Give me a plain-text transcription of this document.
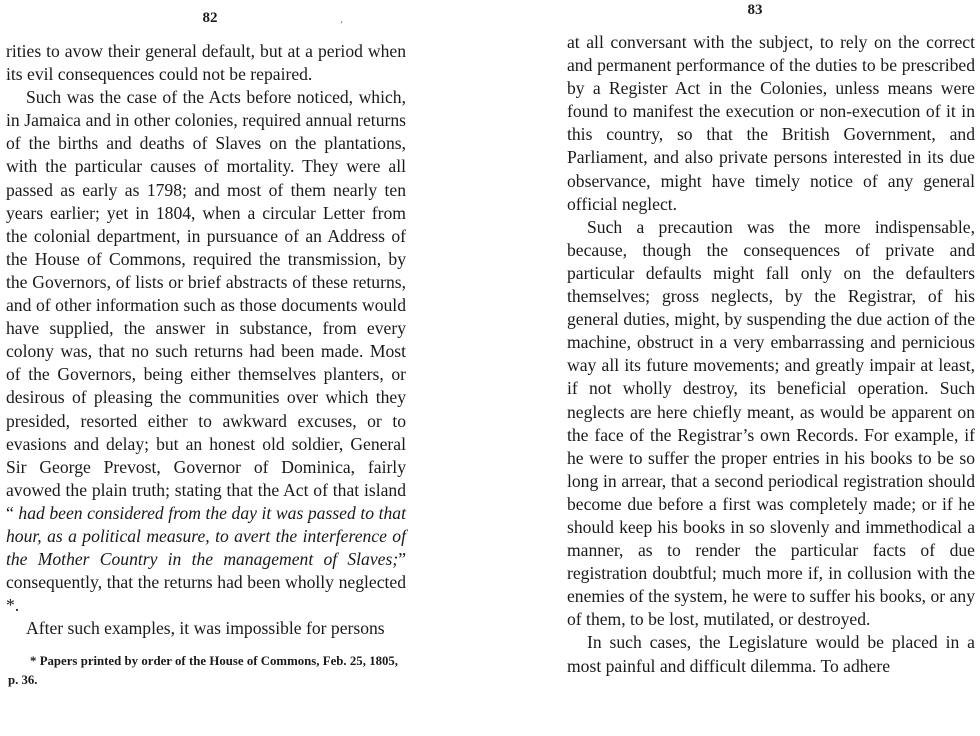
82	‚

rities to avow their general default, but at a period when its evil consequences could not be repaired.

Such was the case of the Acts before noticed, which, in Jamaica and in other colonies, required annual returns of the births and deaths of Slaves on the plantations, with the particular causes of mortality. They were all passed as early as 1798; and most of them nearly ten years earlier; yet in 1804, when a circular Letter from the colonial department, in pursuance of an Address of the House of Commons, required the transmission, by the Governors, of lists or brief abstracts of these returns, and of other information such as those documents would have supplied, the answer in substance, from every colony was, that no such returns had been made. Most of the Governors, being either themselves planters, or desirous of pleasing the communities over which they presided, resorted either to awkward excuses, or to evasions and delay; but an honest old soldier, General Sir George Prevost, Governor of Dominica, fairly avowed the plain truth; stating that the Act of that island “ had been considered from the day it was passed to that hour, as a political measure, to avert the interference of the Mother Country in the management of Slaves;” consequently, that the returns had been wholly neglected *.

After such examples, it was impossible for persons

* Papers printed by order of the House of Commons, Feb. 25, 1805, p. 36.
83

at all conversant with the subject, to rely on the correct and permanent performance of the duties to be prescribed by a Register Act in the Colonies, unless means were found to manifest the execution or non-execution of it in this country, so that the British Government, and Parliament, and also private persons interested in its due observance, might have timely notice of any general official neglect.

Such a precaution was the more indispensable, because, though the consequences of private and particular defaults might fall only on the defaulters themselves; gross neglects, by the Registrar, of his general duties, might, by suspending the due action of the machine, obstruct in a very embarrassing and pernicious way all its future movements; and greatly impair at least, if not wholly destroy, its beneficial operation. Such neglects are here chiefly meant, as would be apparent on the face of the Registrar’s own Records. For example, if he were to suffer the proper entries in his books to be so long in arrear, that a second periodical registration should become due before a first was completely made; or if he should keep his books in so slovenly and immethodical a manner, as to render the particular facts of due registration doubtful; much more if, in collusion with the enemies of the system, he were to suffer his books, or any of them, to be lost, mutilated, or destroyed.

In such cases, the Legislature would be placed in a most painful and difficult dilemma. To adhere
